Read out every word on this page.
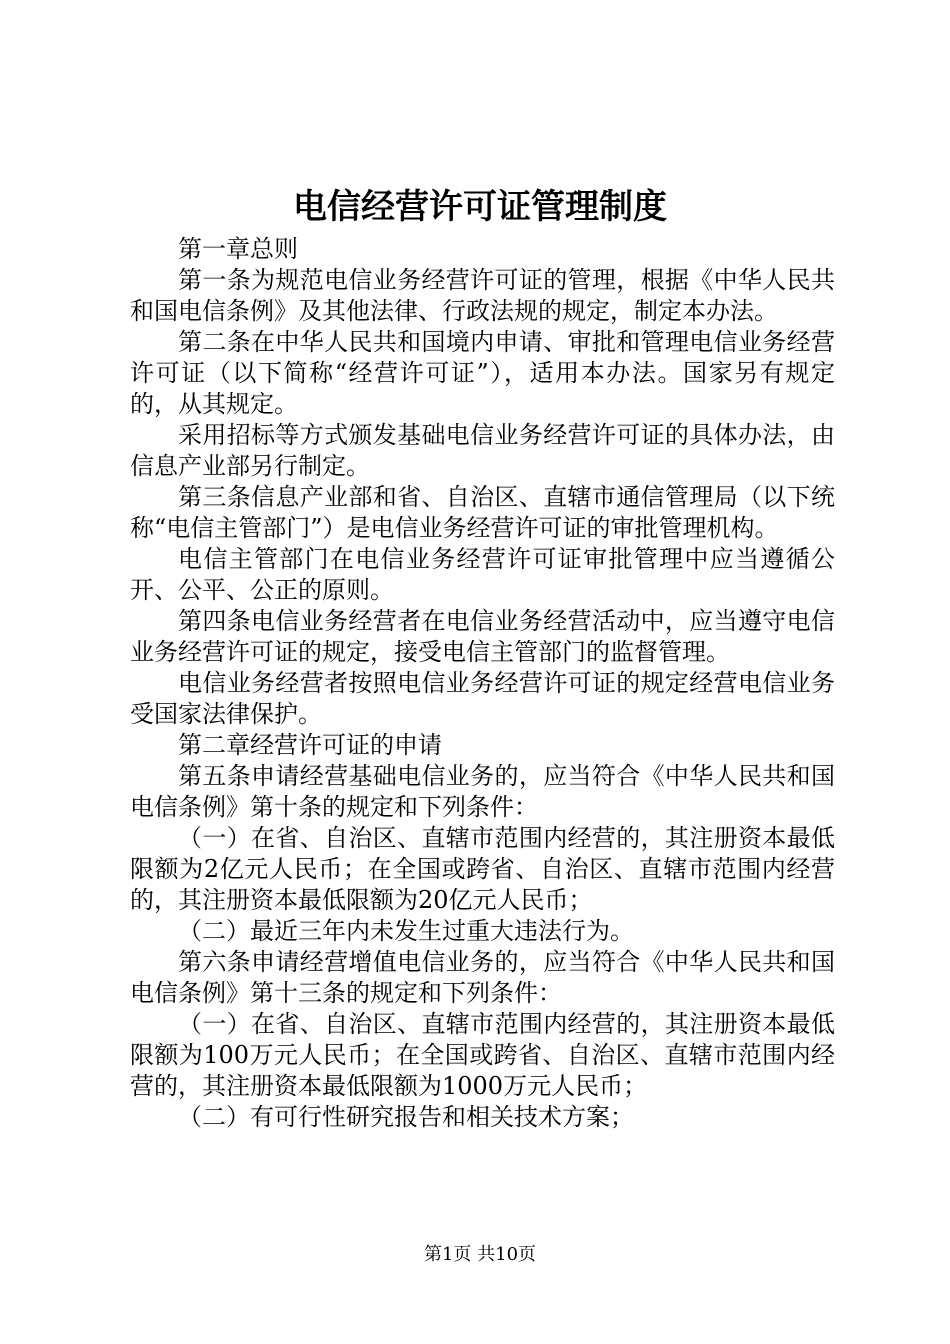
电信经营许可证管理制度

第一章总则

第一条为规范电信业务经营许可证的管理，根据《中华人民共和国电信条例》及其他法律、行政法规的规定，制定本办法。

第二条在中华人民共和国境内申请、审批和管理电信业务经营许可证（以下简称“经营许可证”），适用本办法。国家另有规定的，从其规定。

采用招标等方式颁发基础电信业务经营许可证的具体办法，由信息产业部另行制定。

第三条信息产业部和省、自治区、直辖市通信管理局（以下统称“电信主管部门”）是电信业务经营许可证的审批管理机构。

电信主管部门在电信业务经营许可证审批管理中应当遵循公开、公平、公正的原则。

第四条电信业务经营者在电信业务经营活动中，应当遵守电信业务经营许可证的规定，接受电信主管部门的监督管理。

电信业务经营者按照电信业务经营许可证的规定经营电信业务受国家法律保护。

第二章经营许可证的申请

第五条申请经营基础电信业务的，应当符合《中华人民共和国电信条例》第十条的规定和下列条件：

（一）在省、自治区、直辖市范围内经营的，其注册资本最低限额为2亿元人民币；在全国或跨省、自治区、直辖市范围内经营的，其注册资本最低限额为20亿元人民币；

（二）最近三年内未发生过重大违法行为。

第六条申请经营增值电信业务的，应当符合《中华人民共和国电信条例》第十三条的规定和下列条件：

（一）在省、自治区、直辖市范围内经营的，其注册资本最低限额为100万元人民币；在全国或跨省、自治区、直辖市范围内经营的，其注册资本最低限额为1000万元人民币；

（二）有可行性研究报告和相关技术方案；

第1页 共10页
